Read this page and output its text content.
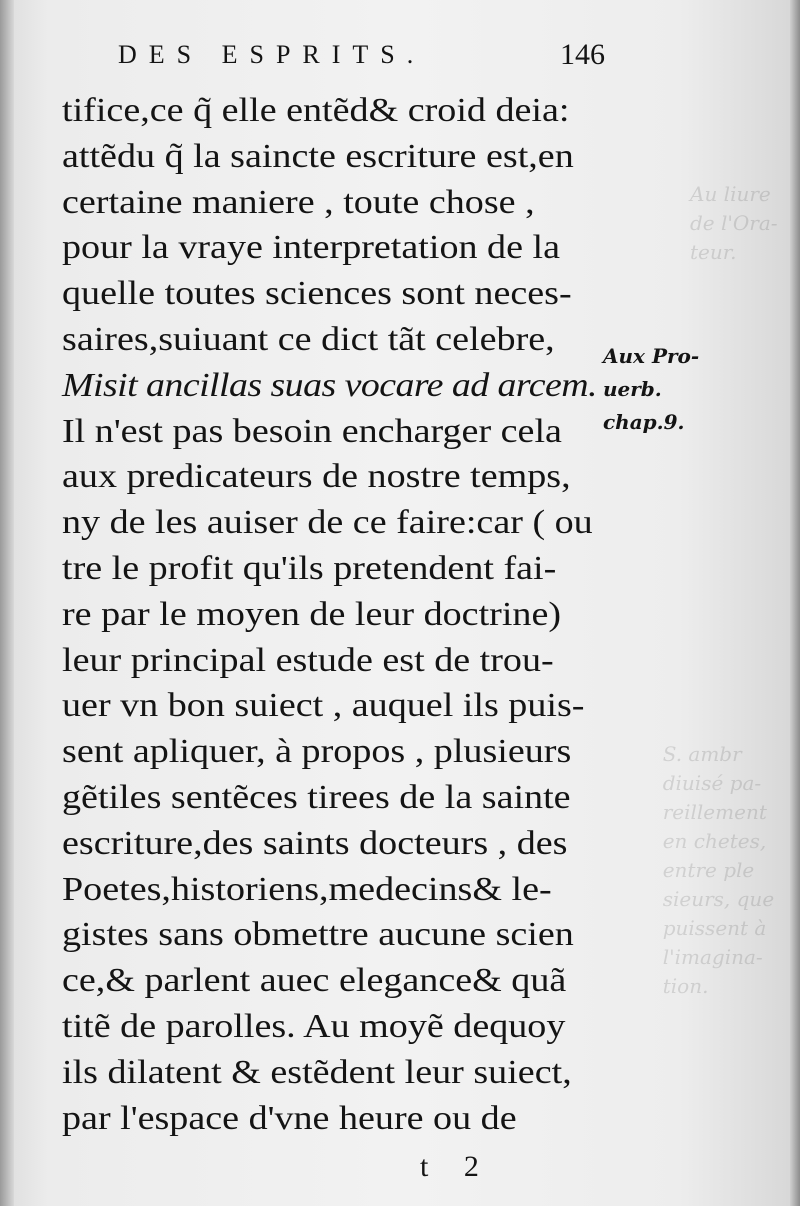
Au liure
de l'Ora-
teur.
S. ambr
diuisé pa-
reillement
en chetes,
entre ple
sieurs, que
puissent à
l'imagina-
tion.
DES ESPRITS.	146
tifice,ce q̃ elle entẽd& croid deia:
attẽdu q̃ la saincte escriture est,en
certaine maniere , toute chose ,
pour la vraye interpretation de la
quelle toutes sciences sont neces-
saires,suiuant ce dict tãt celebre,
Misit ancillas suas vocare ad arcem.
Il n'est pas besoin encharger cela
aux predicateurs de nostre temps,
ny de les auiser de ce faire:car ( ou
tre le profit qu'ils pretendent fai-
re par le moyen de leur doctrine)
leur principal estude est de trou-
uer vn bon suiect , auquel ils puis-
sent apliquer, à propos , plusieurs
gẽtiles sentẽces tirees de la sainte
escriture,des saints docteurs , des
Poetes,historiens,medecins& le-
gistes sans obmettre aucune scien
ce,& parlent auec elegance& quã
titẽ de parolles. Au moyẽ dequoy
ils dilatent & estẽdent leur suiect,
par l'espace d'vne heure ou de
Aux Pro-
uerb.
chap.9.
t 2
